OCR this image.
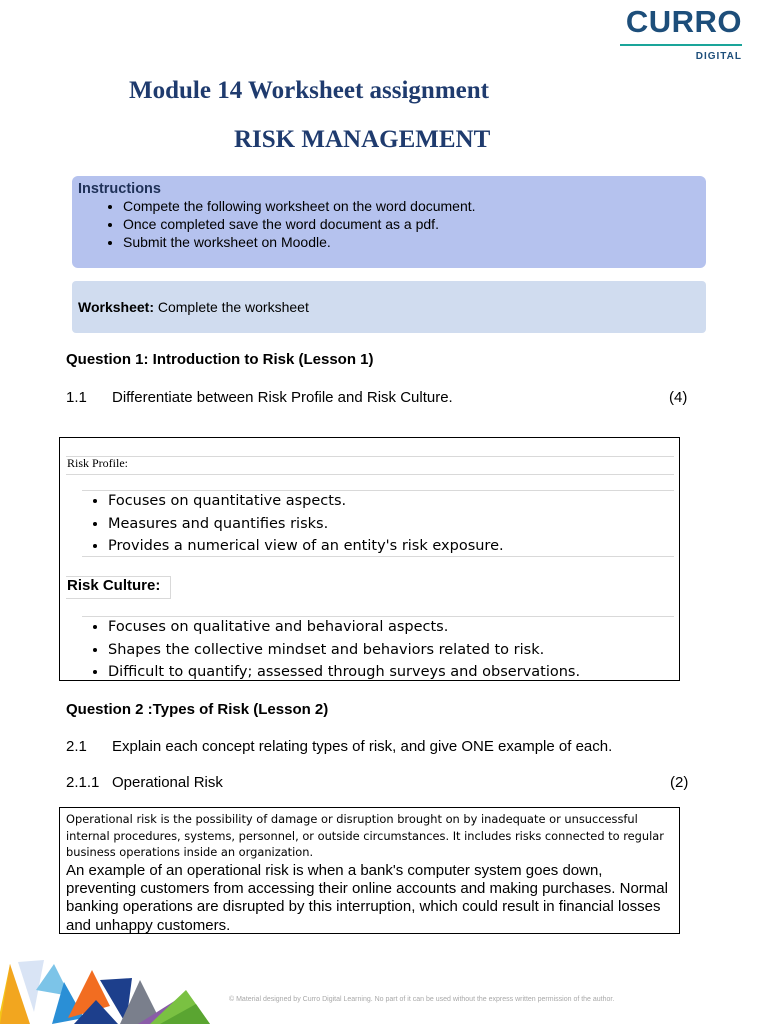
CURRO
DIGITAL
Module 14 Worksheet assignment
RISK MANAGEMENT
Instructions
• Compete the following worksheet on the word document.
• Once completed save the word document as a pdf.
• Submit the worksheet on Moodle.
Worksheet: Complete the worksheet
Question 1: Introduction to Risk (Lesson 1)
1.1 Differentiate between Risk Profile and Risk Culture.	(4)
Risk Profile:
• Focuses on quantitative aspects.
• Measures and quantifies risks.
• Provides a numerical view of an entity's risk exposure.
Risk Culture:
• Focuses on qualitative and behavioral aspects.
• Shapes the collective mindset and behaviors related to risk.
• Difficult to quantify; assessed through surveys and observations.
Question 2 :Types of Risk (Lesson 2)
2.1 Explain each concept relating types of risk, and give ONE example of each.
2.1.1 Operational Risk	(2)
Operational risk is the possibility of damage or disruption brought on by inadequate or unsuccessful internal procedures, systems, personnel, or outside circumstances. It includes risks connected to regular business operations inside an organization.
An example of an operational risk is when a bank's computer system goes down, preventing customers from accessing their online accounts and making purchases. Normal banking operations are disrupted by this interruption, which could result in financial losses and unhappy customers.
© Material designed by Curro Digital Learning. No part of it can be used without the express written permission of the author.
